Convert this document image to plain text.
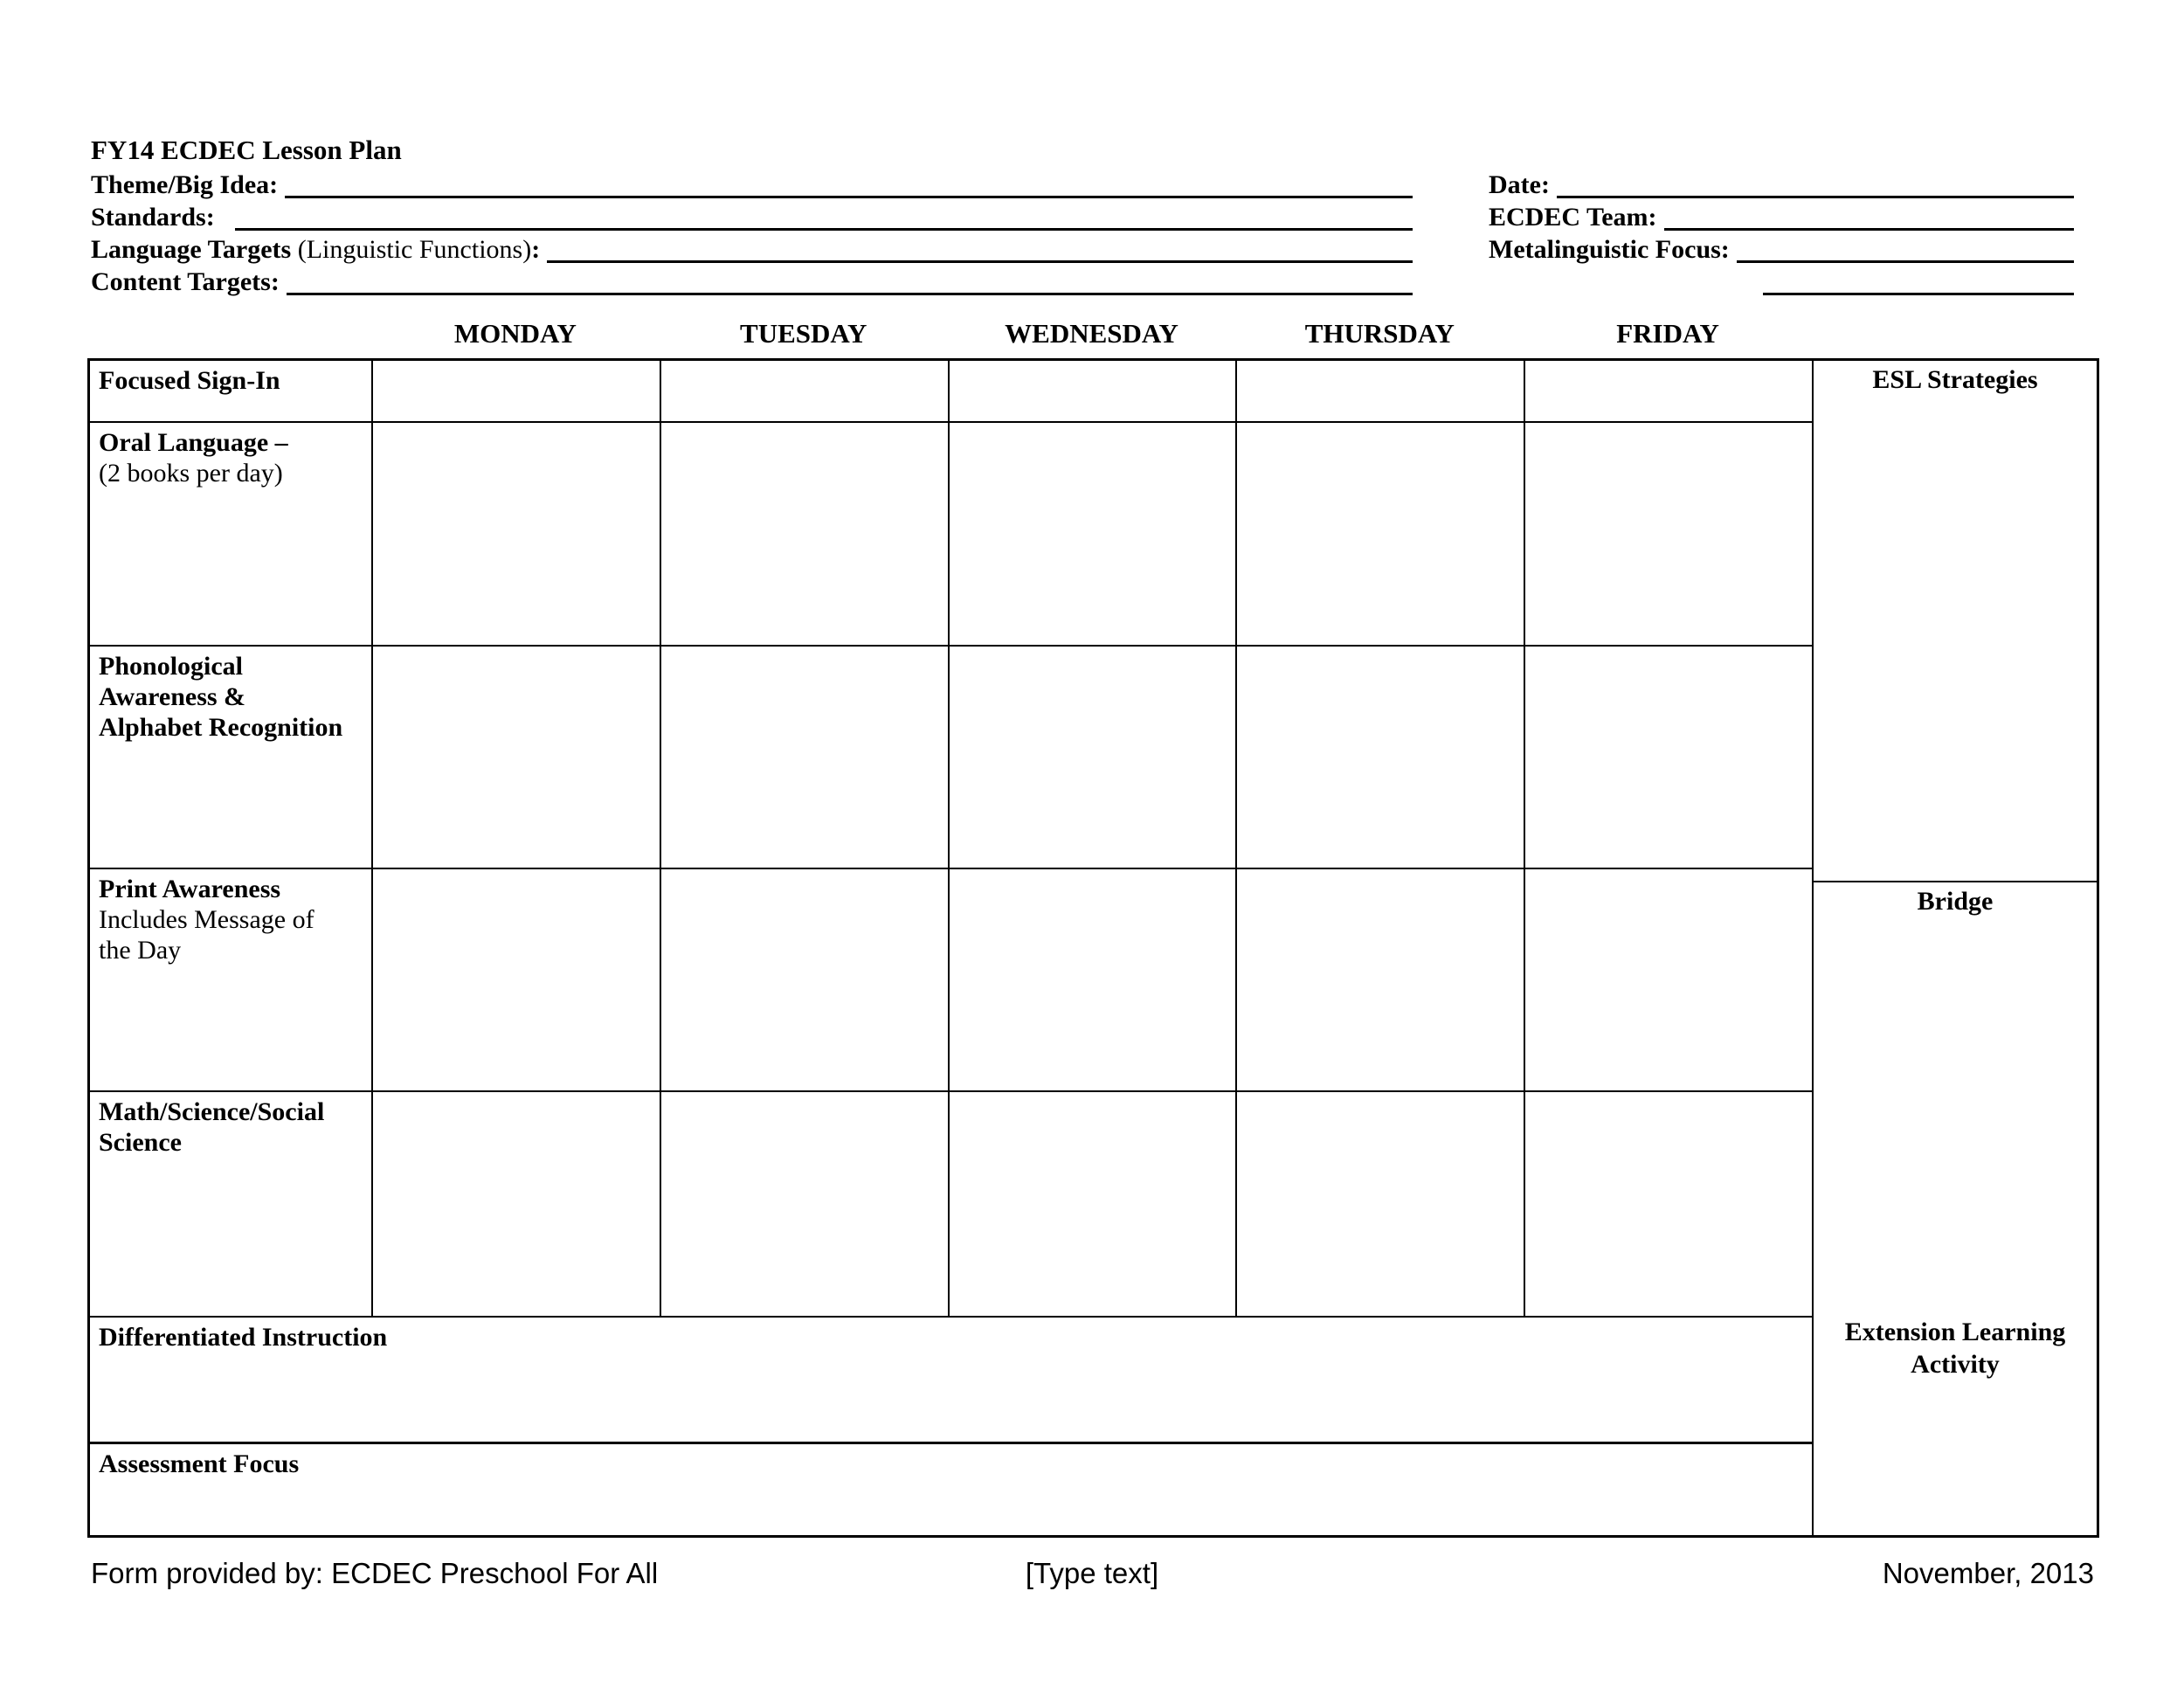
FY14 ECDEC Lesson Plan
Theme/Big Idea:
Standards:

Language Targets (Linguistic Functions) :
Content Targets:
Date:
ECDEC Team:
Metalinguistic Focus:
MONDAY	TUESDAY	WEDNESDAY	THURSDAY	FRIDAY
Focused Sign-In
Oral Language –
(2 books per day)
Phonological Awareness & Alphabet Recognition
Print Awareness
Includes Message of the Day
Math/Science/Social Science
Differentiated Instruction
Assessment Focus
ESL Strategies
Bridge
Extension Learning Activity
Form provided by: ECDEC Preschool For All	[Type text]	November, 2013
